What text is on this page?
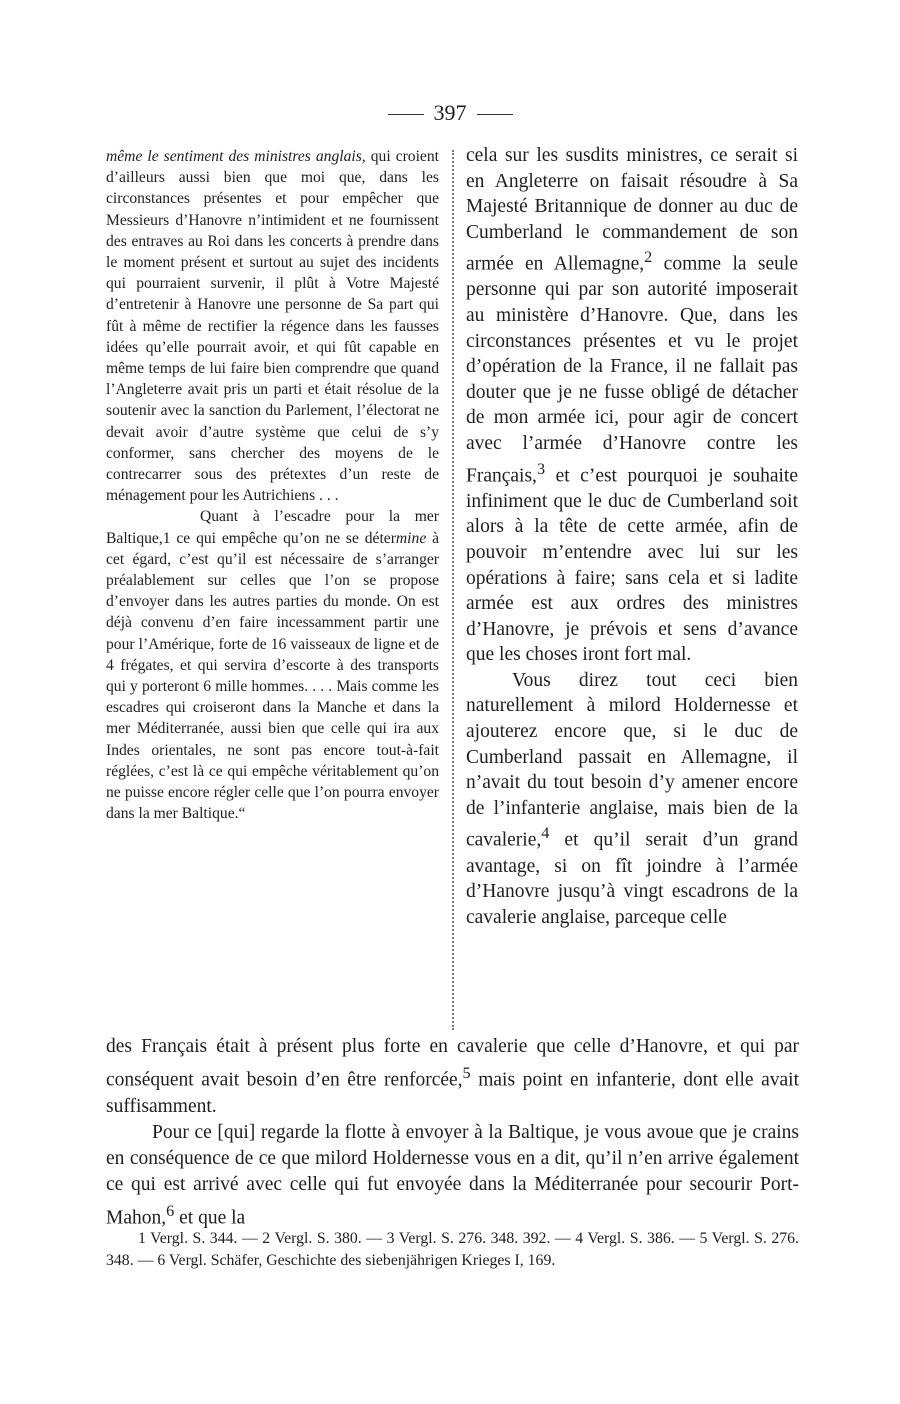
397

même le sentiment des ministres anglais, qui croient d’ailleurs aussi bien que moi que, dans les circonstances présentes et pour empêcher que Messieurs d’Hanovre n’intimident et ne fournissent des entraves au Roi dans les concerts à prendre dans le moment présent et surtout au sujet des incidents qui pourraient survenir, il plût à Votre Majesté d’entretenir à Hanovre une personne de Sa part qui fût à même de rectifier la régence dans les fausses idées qu’elle pourrait avoir, et qui fût capable en même temps de lui faire bien comprendre que quand l’Angleterre avait pris un parti et était résolue de la soutenir avec la sanction du Parlement, l’électorat ne devait avoir d’autre système que celui de s’y conformer, sans chercher des moyens de le contrecarrer sous des prétextes d’un reste de ménagement pour les Autrichiens . . .

Quant à l’escadre pour la mer Baltique,1 ce qui empêche qu’on ne se détermine à cet égard, c’est qu’il est nécessaire de s’arranger préalablement sur celles que l’on se propose d’envoyer dans les autres parties du monde. On est déjà convenu d’en faire incessamment partir une pour l’Amérique, forte de 16 vaisseaux de ligne et de 4 frégates, et qui servira d’escorte à des transports qui y porteront 6 mille hommes. . . . Mais comme les escadres qui croiseront dans la Manche et dans la mer Méditerranée, aussi bien que celle qui ira aux Indes orientales, ne sont pas encore tout-à-fait réglées, c’est là ce qui empêche véritablement qu’on ne puisse encore régler celle que l’on pourra envoyer dans la mer Baltique.“

cela sur les susdits ministres, ce serait si en Angleterre on faisait résoudre à Sa Majesté Britannique de donner au duc de Cumberland le commandement de son armée en Allemagne,$^2$ comme la seule personne qui par son autorité imposerait au ministère d’Hanovre. Que, dans les circonstances présentes et vu le projet d’opération de la France, il ne fallait pas douter que je ne fusse obligé de détacher de mon armée ici, pour agir de concert avec l’armée d’Hanovre contre les Français,$^3$ et c’est pourquoi je souhaite infiniment que le duc de Cumberland soit alors à la tête de cette armée, afin de pouvoir m’entendre avec lui sur les opérations à faire; sans cela et si ladite armée est aux ordres des ministres d’Hanovre, je prévois et sens d’avance que les choses iront fort mal.

Vous direz tout ceci bien naturellement à milord Holdernesse et ajouterez encore que, si le duc de Cumberland passait en Allemagne, il n’avait du tout besoin d’y amener encore de l’infanterie anglaise, mais bien de la cavalerie,$^4$ et qu’il serait d’un grand avantage, si on fît joindre à l’armée d’Hanovre jusqu’à vingt escadrons de la cavalerie anglaise, parceque celle

des Français était à présent plus forte en cavalerie que celle d’Hanovre, et qui par conséquent avait besoin d’en être renforcée,$^5$ mais point en infanterie, dont elle avait suffisamment.

Pour ce [qui] regarde la flotte à envoyer à la Baltique, je vous avoue que je crains en conséquence de ce que milord Holdernesse vous en a dit, qu’il n’en arrive également ce qui est arrivé avec celle qui fut envoyée dans la Méditerranée pour secourir Port-Mahon,$^6$ et que la

1 Vergl. S. 344. — 2 Vergl. S. 380. — 3 Vergl. S. 276. 348. 392. — 4 Vergl. S. 386. — 5 Vergl. S. 276. 348. — 6 Vergl. Schäfer, Geschichte des siebenjährigen Krieges I, 169.
